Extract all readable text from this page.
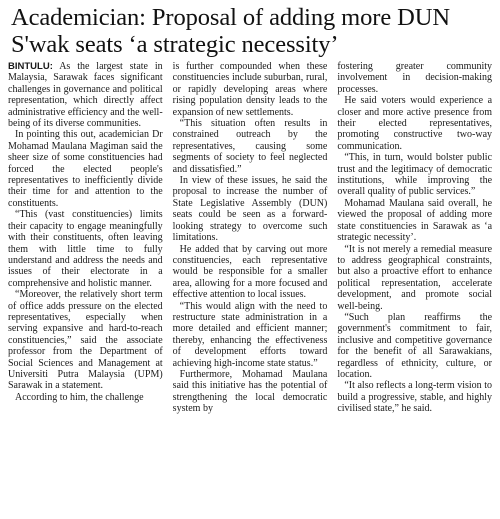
Academician: Proposal of adding more DUN S'wak seats ‘a strategic necessity’

BINTULU: As the largest state in Malaysia, Sarawak faces significant challenges in governance and political representation, which directly affect administrative efficiency and the well-being of its diverse communities.

In pointing this out, academician Dr Mohamad Maulana Magiman said the sheer size of some constituencies had forced the elected people's representatives to inefficiently divide their time for and attention to the constituents.

“This (vast constituencies) limits their capacity to engage meaningfully with their constituents, often leaving them with little time to fully understand and address the needs and issues of their electorate in a comprehensive and holistic manner.

“Moreover, the relatively short term of office adds pressure on the elected representatives, especially when serving expansive and hard-to-reach constituencies,” said the associate professor from the Department of Social Sciences and Management at Universiti Putra Malaysia (UPM) Sarawak in a statement.

According to him, the challenge

is further compounded when these constituencies include suburban, rural, or rapidly developing areas where rising population density leads to the expansion of new settlements.

“This situation often results in constrained outreach by the representatives, causing some segments of society to feel neglected and dissatisfied.”

In view of these issues, he said the proposal to increase the number of State Legislative Assembly (DUN) seats could be seen as a forward-looking strategy to overcome such limitations.

He added that by carving out more constituencies, each representative would be responsible for a smaller area, allowing for a more focused and effective attention to local issues.

“This would align with the need to restructure state administration in a more detailed and efficient manner; thereby, enhancing the effectiveness of development efforts toward achieving high-income state status.”

Furthermore, Mohamad Maulana said this initiative has the potential of strengthening the local democratic system by

fostering greater community involvement in decision-making processes.

He said voters would experience a closer and more active presence from their elected representatives, promoting constructive two-way communication.

“This, in turn, would bolster public trust and the legitimacy of democratic institutions, while improving the overall quality of public services.”

Mohamad Maulana said overall, he viewed the proposal of adding more state constituencies in Sarawak as ‘a strategic necessity’.

“It is not merely a remedial measure to address geographical constraints, but also a proactive effort to enhance political representation, accelerate development, and promote social well-being.

“Such plan reaffirms the government's commitment to fair, inclusive and competitive governance for the benefit of all Sarawakians, regardless of ethnicity, culture, or location.

“It also reflects a long-term vision to build a progressive, stable, and highly civilised state,” he said.
